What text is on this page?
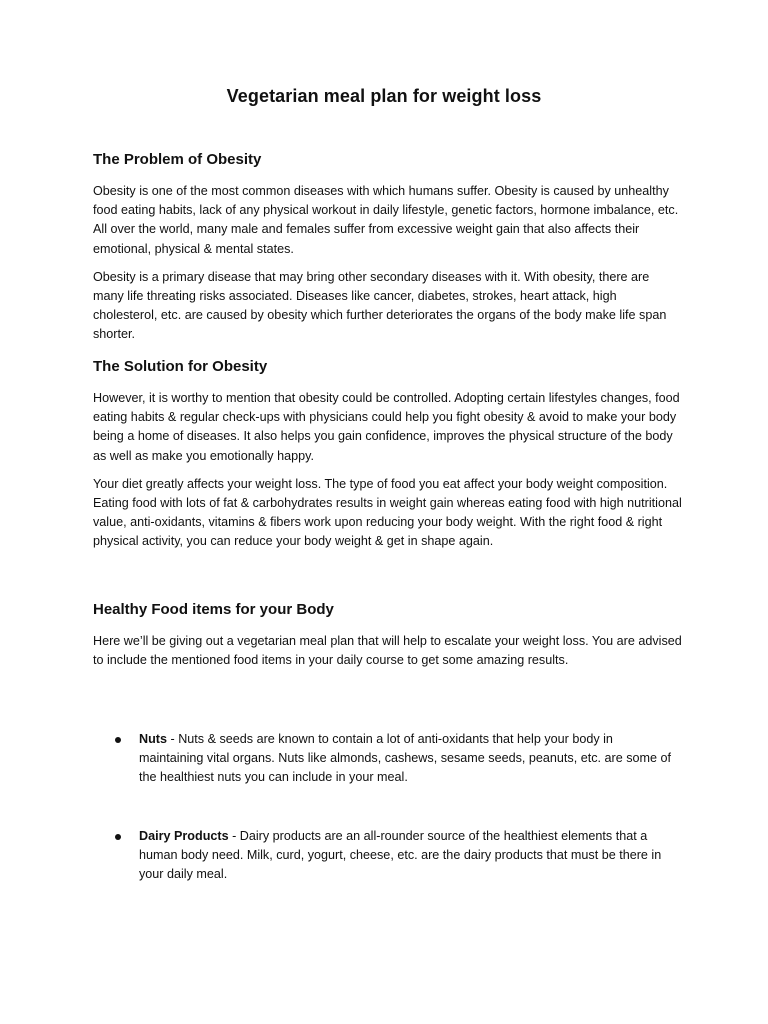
Vegetarian meal plan for weight loss
The Problem of Obesity

Obesity is one of the most common diseases with which humans suffer. Obesity is caused by unhealthy food eating habits, lack of any physical workout in daily lifestyle, genetic factors, hormone imbalance, etc. All over the world, many male and females suffer from excessive weight gain that also affects their emotional, physical & mental states.

Obesity is a primary disease that may bring other secondary diseases with it. With obesity, there are many life threating risks associated. Diseases like cancer, diabetes, strokes, heart attack, high cholesterol, etc. are caused by obesity which further deteriorates the organs of the body make life span shorter.

The Solution for Obesity

However, it is worthy to mention that obesity could be controlled. Adopting certain lifestyles changes, food eating habits & regular check-ups with physicians could help you fight obesity & avoid to make your body being a home of diseases. It also helps you gain confidence, improves the physical structure of the body as well as make you emotionally happy.

Your diet greatly affects your weight loss. The type of food you eat affect your body weight composition. Eating food with lots of fat & carbohydrates results in weight gain whereas eating food with high nutritional value, anti-oxidants, vitamins & fibers work upon reducing your body weight. With the right food & right physical activity, you can reduce your body weight & get in shape again.

Healthy Food items for your Body

Here we’ll be giving out a vegetarian meal plan that will help to escalate your weight loss. You are advised to include the mentioned food items in your daily course to get some amazing results.

Nuts - Nuts & seeds are known to contain a lot of anti-oxidants that help your body in maintaining vital organs. Nuts like almonds, cashews, sesame seeds, peanuts, etc. are some of the healthiest nuts you can include in your meal.
Dairy Products - Dairy products are an all-rounder source of the healthiest elements that a human body need. Milk, curd, yogurt, cheese, etc. are the dairy products that must be there in your daily meal.
